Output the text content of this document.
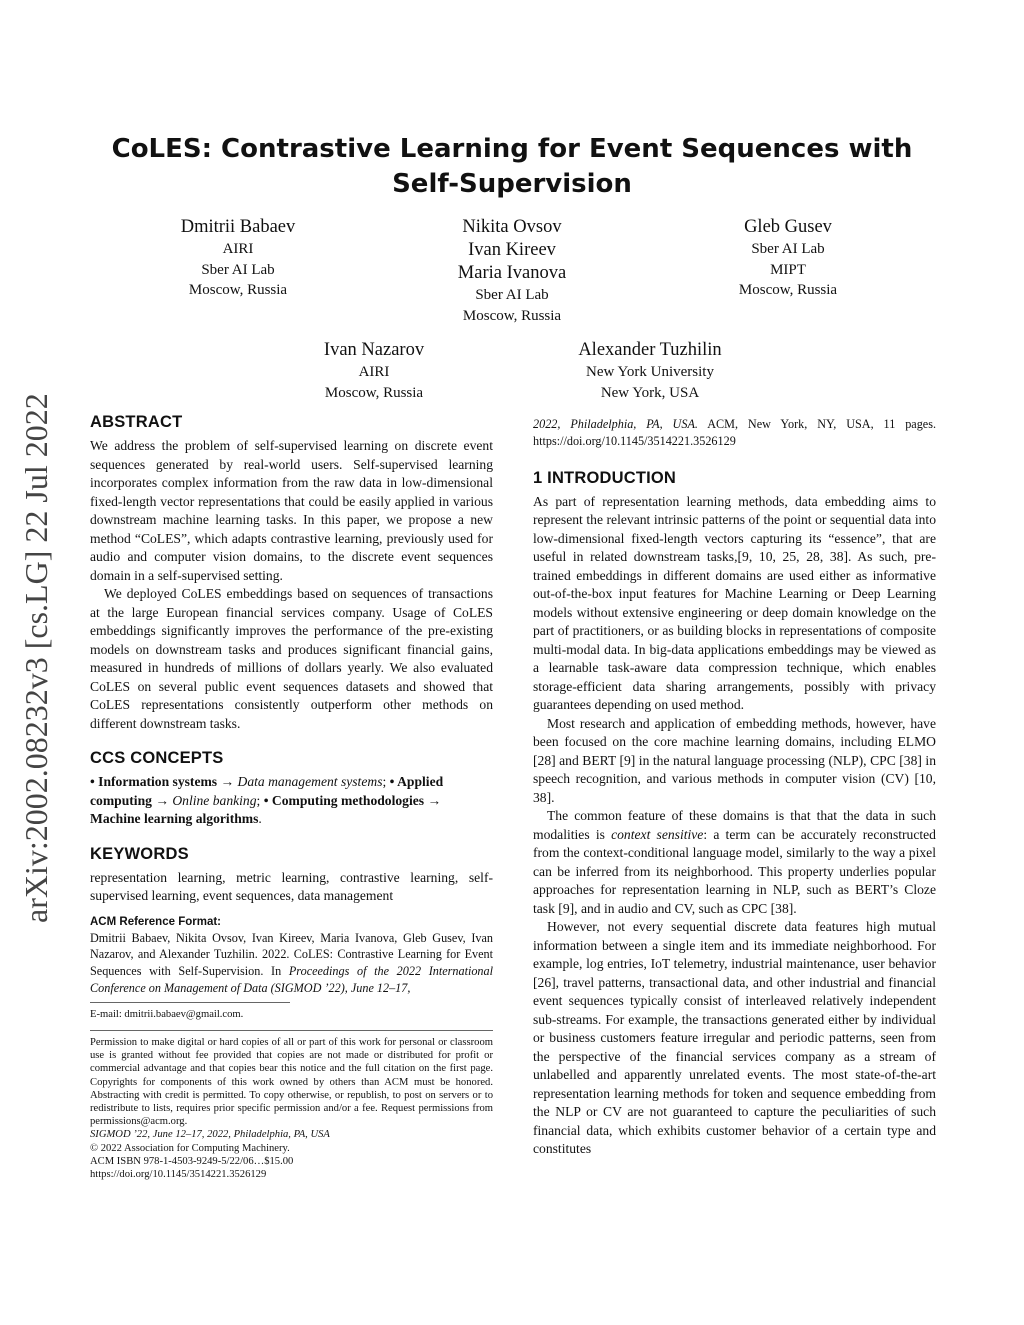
CoLES: Contrastive Learning for Event Sequences with
Self-Supervision
Dmitrii Babaev
AIRI
Sber AI Lab
Moscow, Russia
Nikita Ovsov
Ivan Kireev
Maria Ivanova
Sber AI Lab
Moscow, Russia
Gleb Gusev
Sber AI Lab
MIPT
Moscow, Russia
Ivan Nazarov
AIRI
Moscow, Russia
Alexander Tuzhilin
New York University
New York, USA
arXiv:2002.08232v3 [cs.LG] 22 Jul 2022 ABSTRACT

We address the problem of self-supervised learning on discrete event sequences generated by real-world users. Self-supervised learning incorporates complex information from the raw data in low-dimensional fixed-length vector representations that could be easily applied in various downstream machine learning tasks. In this paper, we propose a new method “CoLES”, which adapts contrastive learning, previously used for audio and computer vision domains, to the discrete event sequences domain in a self-supervised setting.

We deployed CoLES embeddings based on sequences of transactions at the large European financial services company. Usage of CoLES embeddings significantly improves the performance of the pre-existing models on downstream tasks and produces significant financial gains, measured in hundreds of millions of dollars yearly. We also evaluated CoLES on several public event sequences datasets and showed that CoLES representations consistently outperform other methods on different downstream tasks.

CCS CONCEPTS

• Information systems → Data management systems; • Applied computing → Online banking; • Computing methodologies → Machine learning algorithms.

KEYWORDS

representation learning, metric learning, contrastive learning, self-supervised learning, event sequences, data management

ACM Reference Format:

Dmitrii Babaev, Nikita Ovsov, Ivan Kireev, Maria Ivanova, Gleb Gusev, Ivan Nazarov, and Alexander Tuzhilin. 2022. CoLES: Contrastive Learning for Event Sequences with Self-Supervision. In Proceedings of the 2022 International Conference on Management of Data (SIGMOD ’22), June 12–17,

E-mail: dmitrii.babaev@gmail.com.
Permission to make digital or hard copies of all or part of this work for personal or classroom use is granted without fee provided that copies are not made or distributed for profit or commercial advantage and that copies bear this notice and the full citation on the first page. Copyrights for components of this work owned by others than ACM must be honored. Abstracting with credit is permitted. To copy otherwise, or republish, to post on servers or to redistribute to lists, requires prior specific permission and/or a fee. Request permissions from permissions@acm.org.
SIGMOD ’22, June 12–17, 2022, Philadelphia, PA, USA
© 2022 Association for Computing Machinery.
ACM ISBN 978-1-4503-9249-5/22/06…$15.00
https://doi.org/10.1145/3514221.3526129

2022, Philadelphia, PA, USA. ACM, New York, NY, USA, 11 pages. https://doi.org/10.1145/3514221.3526129

1 INTRODUCTION

As part of representation learning methods, data embedding aims to represent the relevant intrinsic patterns of the point or sequential data into low-dimensional fixed-length vectors capturing its “essence”, that are useful in related downstream tasks,[9, 10, 25, 28, 38]. As such, pre-trained embeddings in different domains are used either as informative out-of-the-box input features for Machine Learning or Deep Learning models without extensive engineering or deep domain knowledge on the part of practitioners, or as building blocks in representations of composite multi-modal data. In big-data applications embeddings may be viewed as a learnable task-aware data compression technique, which enables storage-efficient data sharing arrangements, possibly with privacy guarantees depending on used method.

Most research and application of embedding methods, however, have been focused on the core machine learning domains, including ELMO [28] and BERT [9] in the natural language processing (NLP), CPC [38] in speech recognition, and various methods in computer vision (CV) [10, 38].

The common feature of these domains is that that the data in such modalities is context sensitive: a term can be accurately reconstructed from the context-conditional language model, similarly to the way a pixel can be inferred from its neighborhood. This property underlies popular approaches for representation learning in NLP, such as BERT’s Cloze task [9], and in audio and CV, such as CPC [38].

However, not every sequential discrete data features high mutual information between a single item and its immediate neighborhood. For example, log entries, IoT telemetry, industrial maintenance, user behavior [26], travel patterns, transactional data, and other industrial and financial event sequences typically consist of interleaved relatively independent sub-streams. For example, the transactions generated either by individual or business customers feature irregular and periodic patterns, seen from the perspective of the financial services company as a stream of unlabelled and apparently unrelated events. The most state-of-the-art representation learning methods for token and sequence embedding from the NLP or CV are not guaranteed to capture the peculiarities of such financial data, which exhibits customer behavior of a certain type and constitutes
